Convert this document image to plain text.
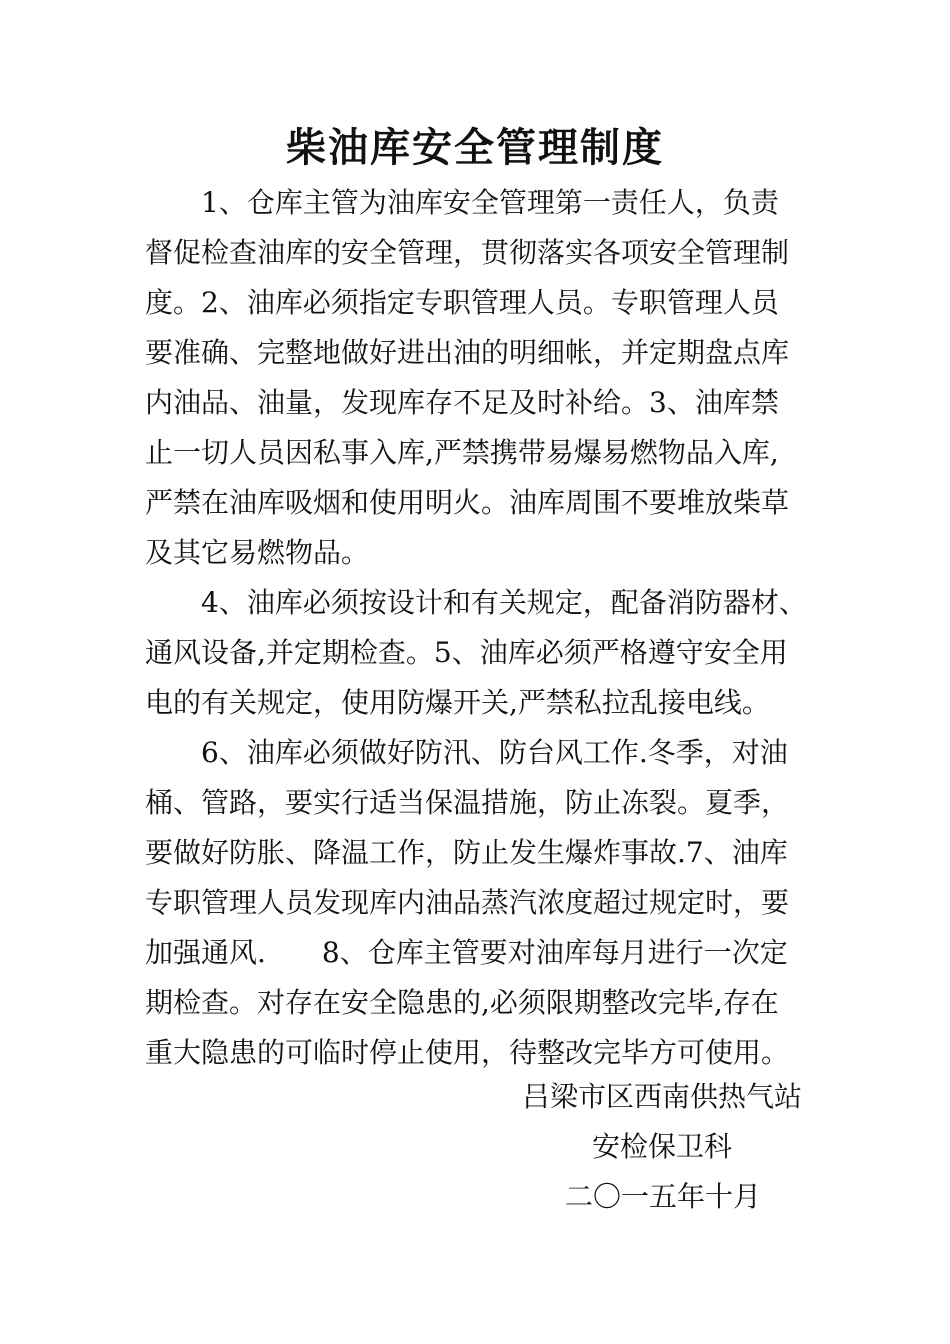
柴油库安全管理制度
1、仓库主管为油库安全管理第一责任人，负责
督促检查油库的安全管理，贯彻落实各项安全管理制
度。2、油库必须指定专职管理人员。专职管理人员
要准确、完整地做好进出油的明细帐，并定期盘点库
内油品、油量，发现库存不足及时补给。3、油库禁
止一切人员因私事入库,严禁携带易爆易燃物品入库,
严禁在油库吸烟和使用明火。油库周围不要堆放柴草
及其它易燃物品。
4、油库必须按设计和有关规定，配备消防器材、
通风设备,并定期检查。5、油库必须严格遵守安全用
电的有关规定，使用防爆开关,严禁私拉乱接电线。
6、油库必须做好防汛、防台风工作.冬季，对油
桶、管路，要实行适当保温措施，防止冻裂。夏季，
要做好防胀、降温工作，防止发生爆炸事故.7、油库
专职管理人员发现库内油品蒸汽浓度超过规定时，要
加强通风.　　8、仓库主管要对油库每月进行一次定
期检查。对存在安全隐患的,必须限期整改完毕,存在
重大隐患的可临时停止使用，待整改完毕方可使用。
吕梁市区西南供热气站
安检保卫科
二〇一五年十月
